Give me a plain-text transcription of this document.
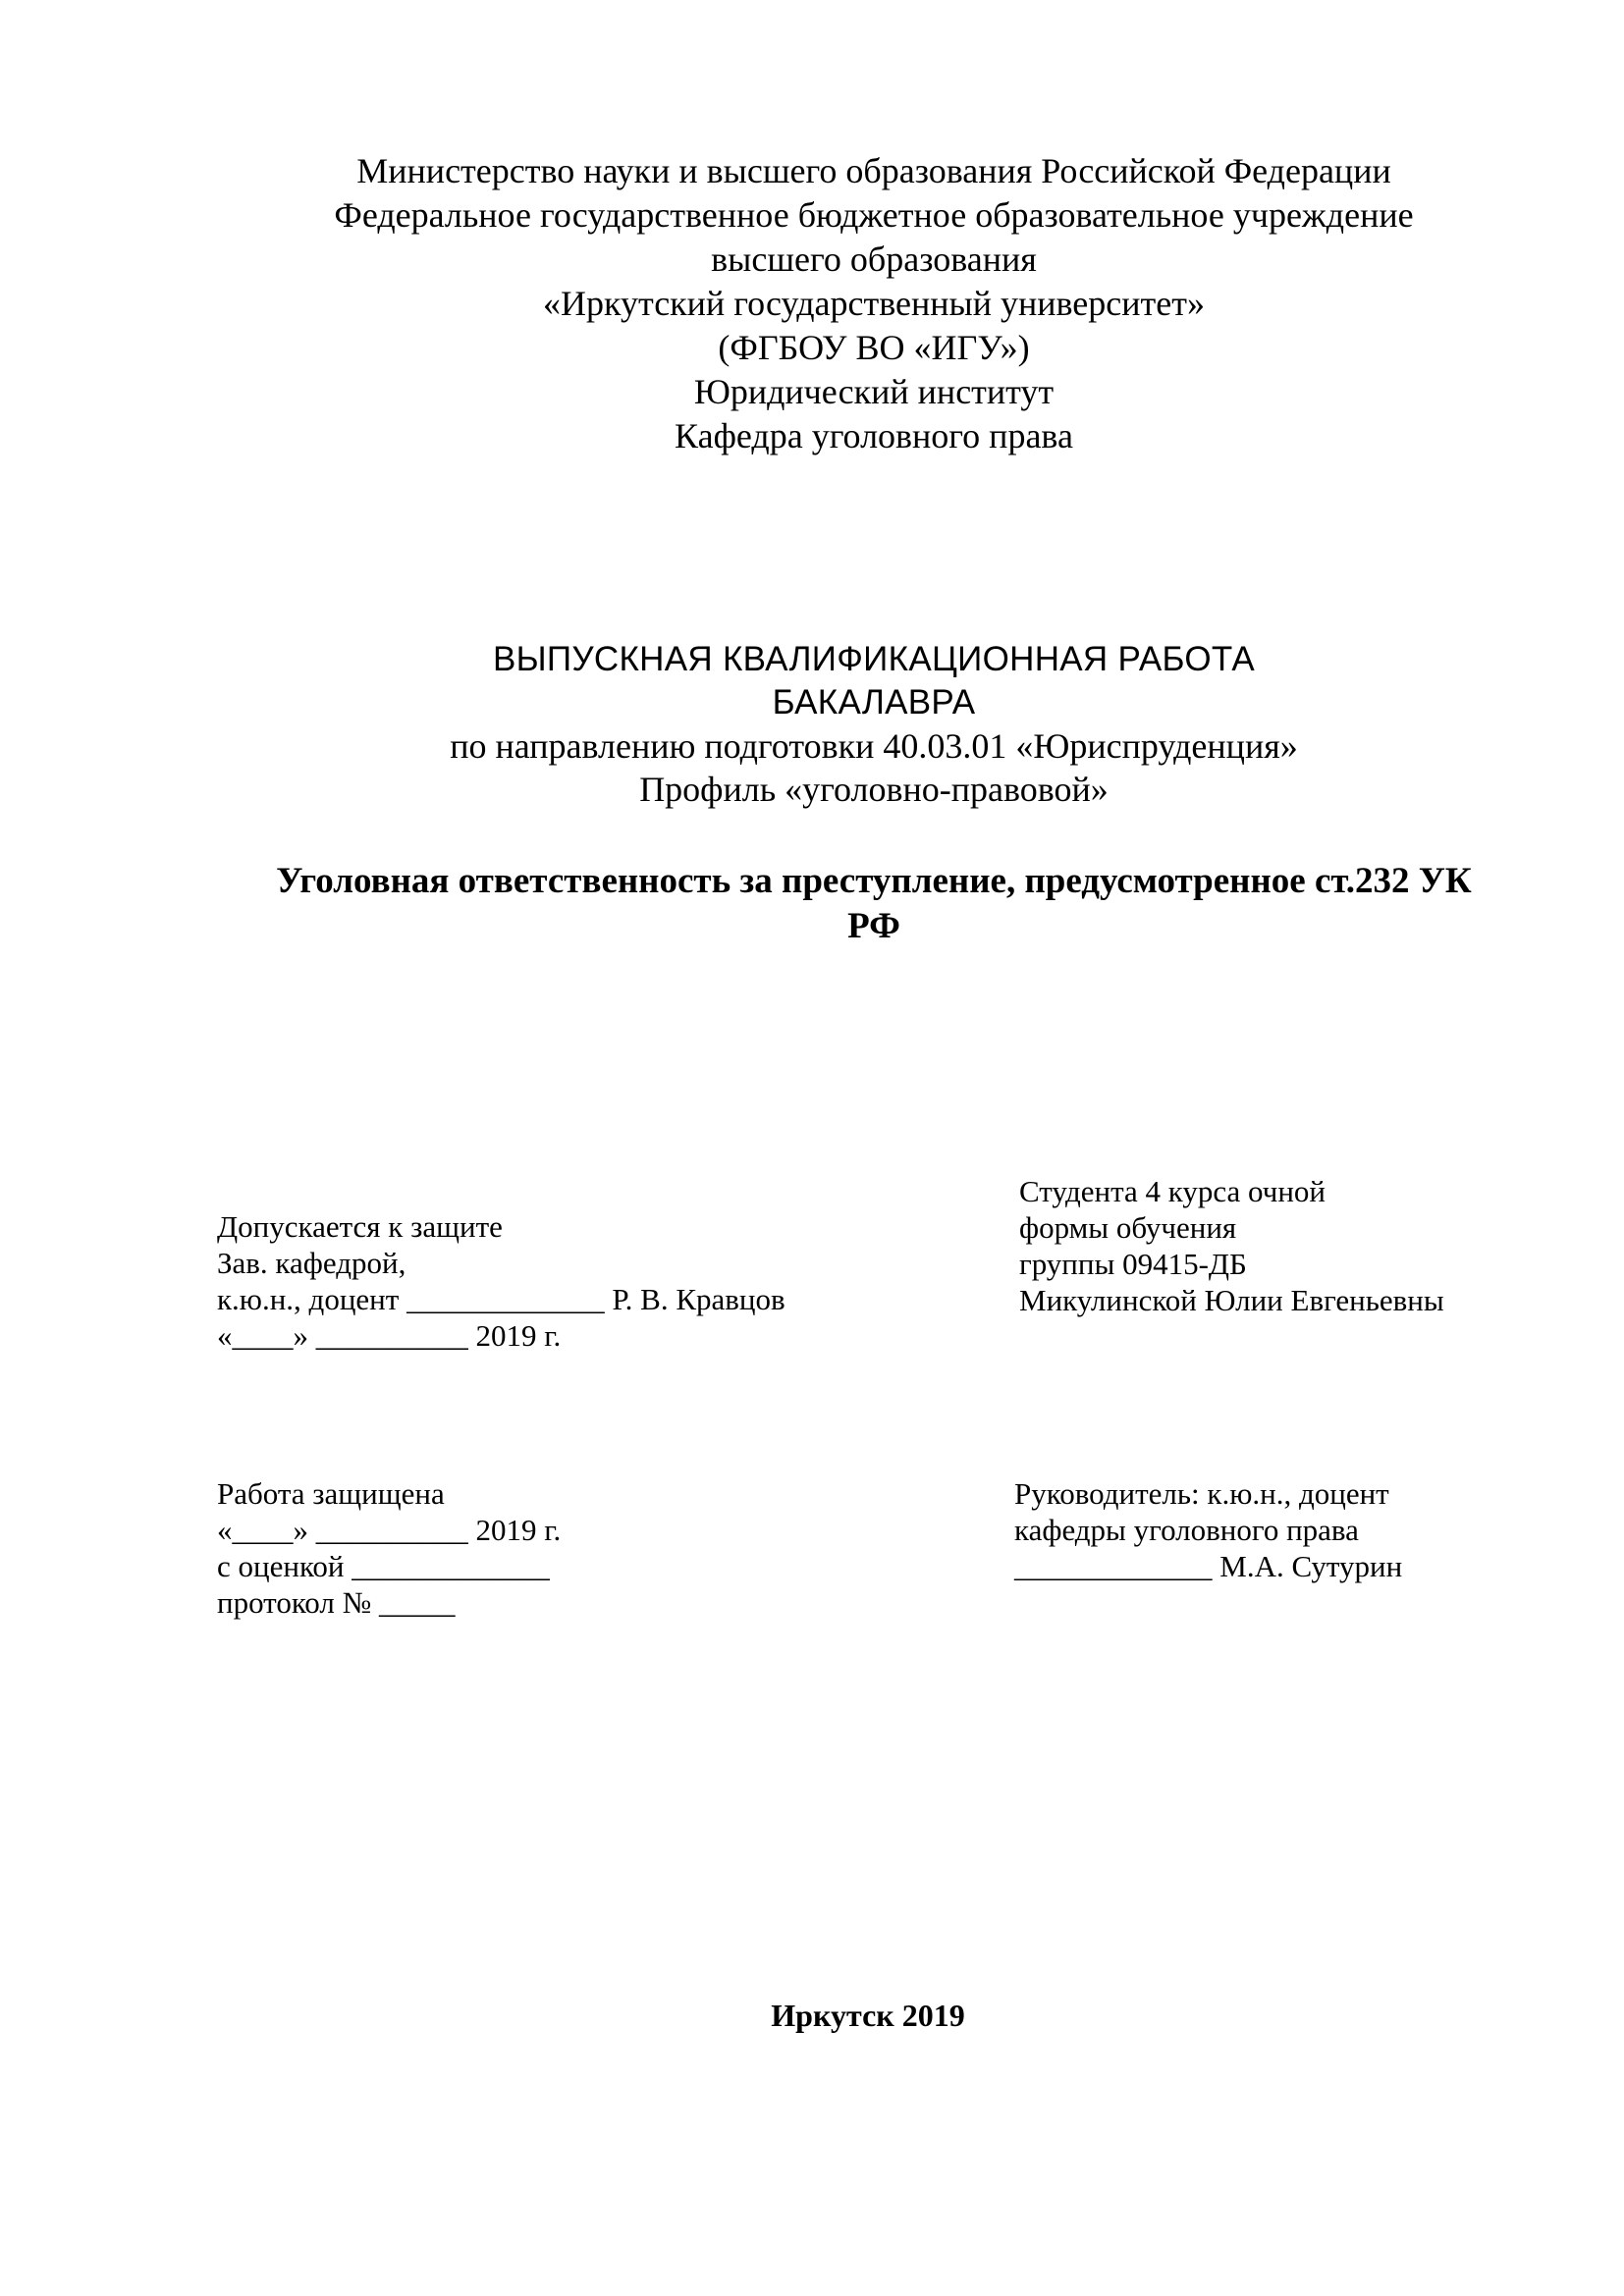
Министерство науки и высшего образования Российской Федерации
Федеральное государственное бюджетное образовательное учреждение
высшего образования
«Иркутский государственный университет»
(ФГБОУ ВО «ИГУ»)
Юридический институт
Кафедра уголовного права
ВЫПУСКНАЯ КВАЛИФИКАЦИОННАЯ РАБОТА
БАКАЛАВРА
по направлению подготовки 40.03.01 «Юриспруденция»
Профиль «уголовно-правовой»
Уголовная ответственность за преступление, предусмотренное ст.232 УК
РФ
Студента 4 курса очной
формы обучения
группы 09415-ДБ
Микулинской Юлии Евгеньевны
Допускается к защите
Зав. кафедрой,
к.ю.н., доцент _____________ Р. В. Кравцов
«____» __________ 2019 г.
Работа защищена
«____» __________ 2019 г.
с оценкой _____________
протокол № _____
Руководитель: к.ю.н., доцент
кафедры уголовного права
_____________ М.А. Сутурин
Иркутск 2019
